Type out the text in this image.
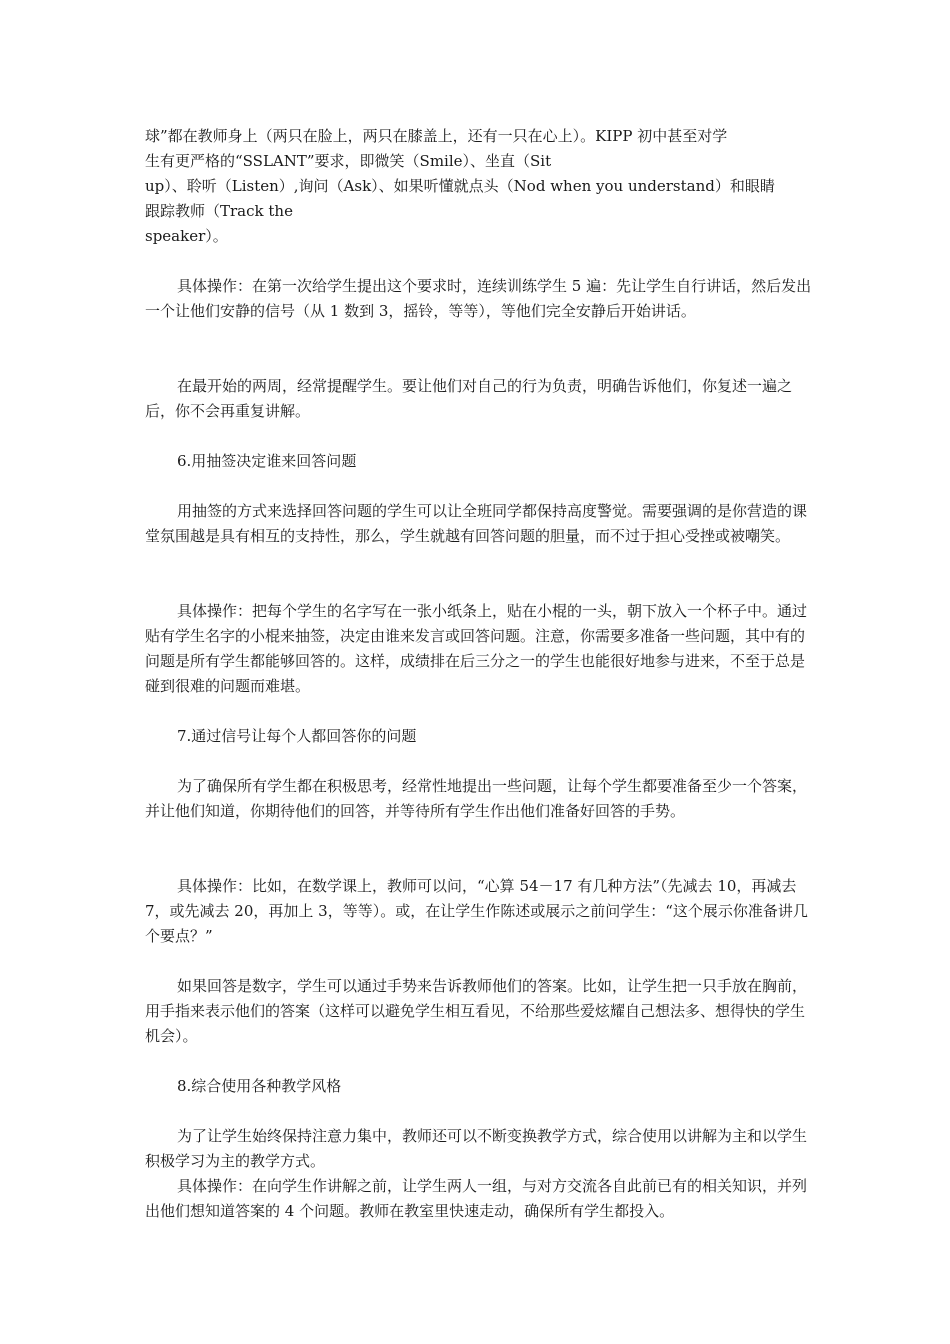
球”都在教师身上（两只在脸上，两只在膝盖上，还有一只在心上）。KIPP 初中甚至对学
生有更严格的“SSLANT”要求，即微笑（Smile）、坐直（Sit
up）、聆听（Listen）,询问（Ask）、如果听懂就点头（Nod when you understand）和眼睛
跟踪教师（Track the
speaker）。

具体操作：在第一次给学生提出这个要求时，连续训练学生 5 遍：先让学生自行讲话，然后发出一个让他们安静的信号（从 1 数到 3，摇铃，等等），等他们完全安静后开始讲话。

在最开始的两周，经常提醒学生。要让他们对自己的行为负责，明确告诉他们，你复述一遍之后，你不会再重复讲解。

6.用抽签决定谁来回答问题

用抽签的方式来选择回答问题的学生可以让全班同学都保持高度警觉。需要强调的是你营造的课堂氛围越是具有相互的支持性，那么，学生就越有回答问题的胆量，而不过于担心受挫或被嘲笑。

具体操作：把每个学生的名字写在一张小纸条上，贴在小棍的一头，朝下放入一个杯子中。通过贴有学生名字的小棍来抽签，决定由谁来发言或回答问题。注意，你需要多准备一些问题，其中有的问题是所有学生都能够回答的。这样，成绩排在后三分之一的学生也能很好地参与进来，不至于总是碰到很难的问题而难堪。

7.通过信号让每个人都回答你的问题

为了确保所有学生都在积极思考，经常性地提出一些问题，让每个学生都要准备至少一个答案，并让他们知道，你期待他们的回答，并等待所有学生作出他们准备好回答的手势。

具体操作：比如，在数学课上，教师可以问，“心算 54－17 有几种方法”（先减去 10，再减去 7，或先减去 20，再加上 3，等等）。或，在让学生作陈述或展示之前问学生：“这个展示你准备讲几个要点？”

如果回答是数字，学生可以通过手势来告诉教师他们的答案。比如，让学生把一只手放在胸前，用手指来表示他们的答案（这样可以避免学生相互看见，不给那些爱炫耀自己想法多、想得快的学生机会）。

8.综合使用各种教学风格

为了让学生始终保持注意力集中，教师还可以不断变换教学方式，综合使用以讲解为主和以学生积极学习为主的教学方式。

具体操作：在向学生作讲解之前，让学生两人一组，与对方交流各自此前已有的相关知识，并列出他们想知道答案的 4 个问题。教师在教室里快速走动，确保所有学生都投入。
